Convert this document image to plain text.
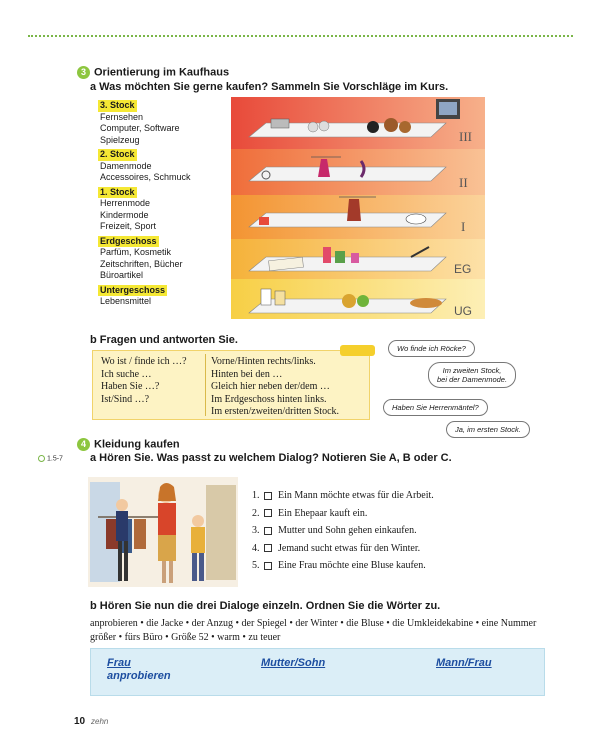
3 Orientierung im Kaufhaus
a Was möchten Sie gerne kaufen? Sammeln Sie Vorschläge im Kurs.
3. Stock
Fernsehen
Computer, Software
Spielzeug
2. Stock
Damenmode
Accessoires, Schmuck
1. Stock
Herrenmode
Kindermode
Freizeit, Sport
Erdgeschoss
Parfüm, Kosmetik
Zeitschriften, Bücher
Büroartikel
Untergeschoss
Lebensmittel
III
II
I
EG
UG
b Fragen und antworten Sie.
Wo ist / finde ich …?
Ich suche …
Haben Sie …?
Ist/Sind …?
Vorne/Hinten rechts/links.
Hinten bei den …
Gleich hier neben der/dem …
Im Erdgeschoss hinten links.
Im ersten/zweiten/dritten Stock.
Wo finde ich Röcke?
Im zweiten Stock,
bei der Damenmode.
Haben Sie Herrenmäntel?
Ja, im ersten Stock.
4 Kleidung kaufen
1.5-7 a Hören Sie. Was passt zu welchem Dialog? Notieren Sie A, B oder C.
1. Ein Mann möchte etwas für die Arbeit.
2. Ein Ehepaar kauft ein.
3. Mutter und Sohn gehen einkaufen.
4. Jemand sucht etwas für den Winter.
5. Eine Frau möchte eine Bluse kaufen.
b Hören Sie nun die drei Dialoge einzeln. Ordnen Sie die Wörter zu.
anprobieren • die Jacke • der Anzug • der Spiegel • der Winter • die Bluse • die Umkleidekabine • eine Nummer größer • fürs Büro • Größe 52 • warm • zu teuer
Frau
anprobieren
Mutter/Sohn	Mann/Frau
10 zehn
